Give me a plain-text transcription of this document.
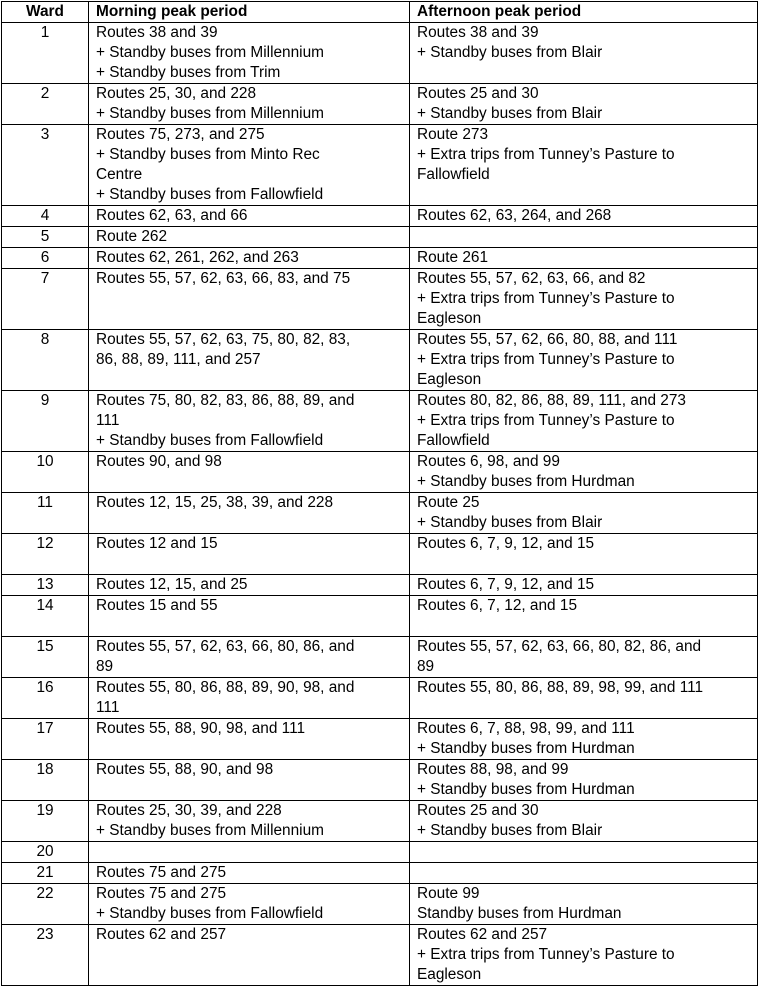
Ward	Morning peak period	Afternoon peak period
1	Routes 38 and 39
+ Standby buses from Millennium
+ Standby buses from Trim	Routes 38 and 39
+ Standby buses from Blair

2	Routes 25, 30, and 228
+ Standby buses from Millennium	Routes 25 and 30
+ Standby buses from Blair

3	Routes 75, 273, and 275
+ Standby buses from Minto Rec
Centre
+ Standby buses from Fallowfield	Route 273
+ Extra trips from Tunney’s Pasture to
Fallowfield

4	Routes 62, 63, and 66	Routes 62, 63, 264, and 268

5	Route 262	

6	Routes 62, 261, 262, and 263	Route 261

7	Routes 55, 57, 62, 63, 66, 83, and 75	Routes 55, 57, 62, 63, 66, and 82
+ Extra trips from Tunney’s Pasture to
Eagleson

8	Routes 55, 57, 62, 63, 75, 80, 82, 83,
86, 88, 89, 111, and 257	Routes 55, 57, 62, 66, 80, 88, and 111
+ Extra trips from Tunney’s Pasture to
Eagleson

9	Routes 75, 80, 82, 83, 86, 88, 89, and
111
+ Standby buses from Fallowfield	Routes 80, 82, 86, 88, 89, 111, and 273
+ Extra trips from Tunney’s Pasture to
Fallowfield

10	Routes 90, and 98	Routes 6, 98, and 99
+ Standby buses from Hurdman

11	Routes 12, 15, 25, 38, 39, and 228	Route 25
+ Standby buses from Blair

12	Routes 12 and 15	Routes 6, 7, 9, 12, and 15

13	Routes 12, 15, and 25	Routes 6, 7, 9, 12, and 15

14	Routes 15 and 55	Routes 6, 7, 12, and 15

15	Routes 55, 57, 62, 63, 66, 80, 86, and
89	Routes 55, 57, 62, 63, 66, 80, 82, 86, and
89

16	Routes 55, 80, 86, 88, 89, 90, 98, and
111	Routes 55, 80, 86, 88, 89, 98, 99, and 111

17	Routes 55, 88, 90, 98, and 111	Routes 6, 7, 88, 98, 99, and 111
+ Standby buses from Hurdman

18	Routes 55, 88, 90, and 98	Routes 88, 98, and 99
+ Standby buses from Hurdman

19	Routes 25, 30, 39, and 228
+ Standby buses from Millennium	Routes 25 and 30
+ Standby buses from Blair

20	

21	Routes 75 and 275	

22	Routes 75 and 275
+ Standby buses from Fallowfield	Route 99
Standby buses from Hurdman

23	Routes 62 and 257	Routes 62 and 257
+ Extra trips from Tunney’s Pasture to
Eagleson
